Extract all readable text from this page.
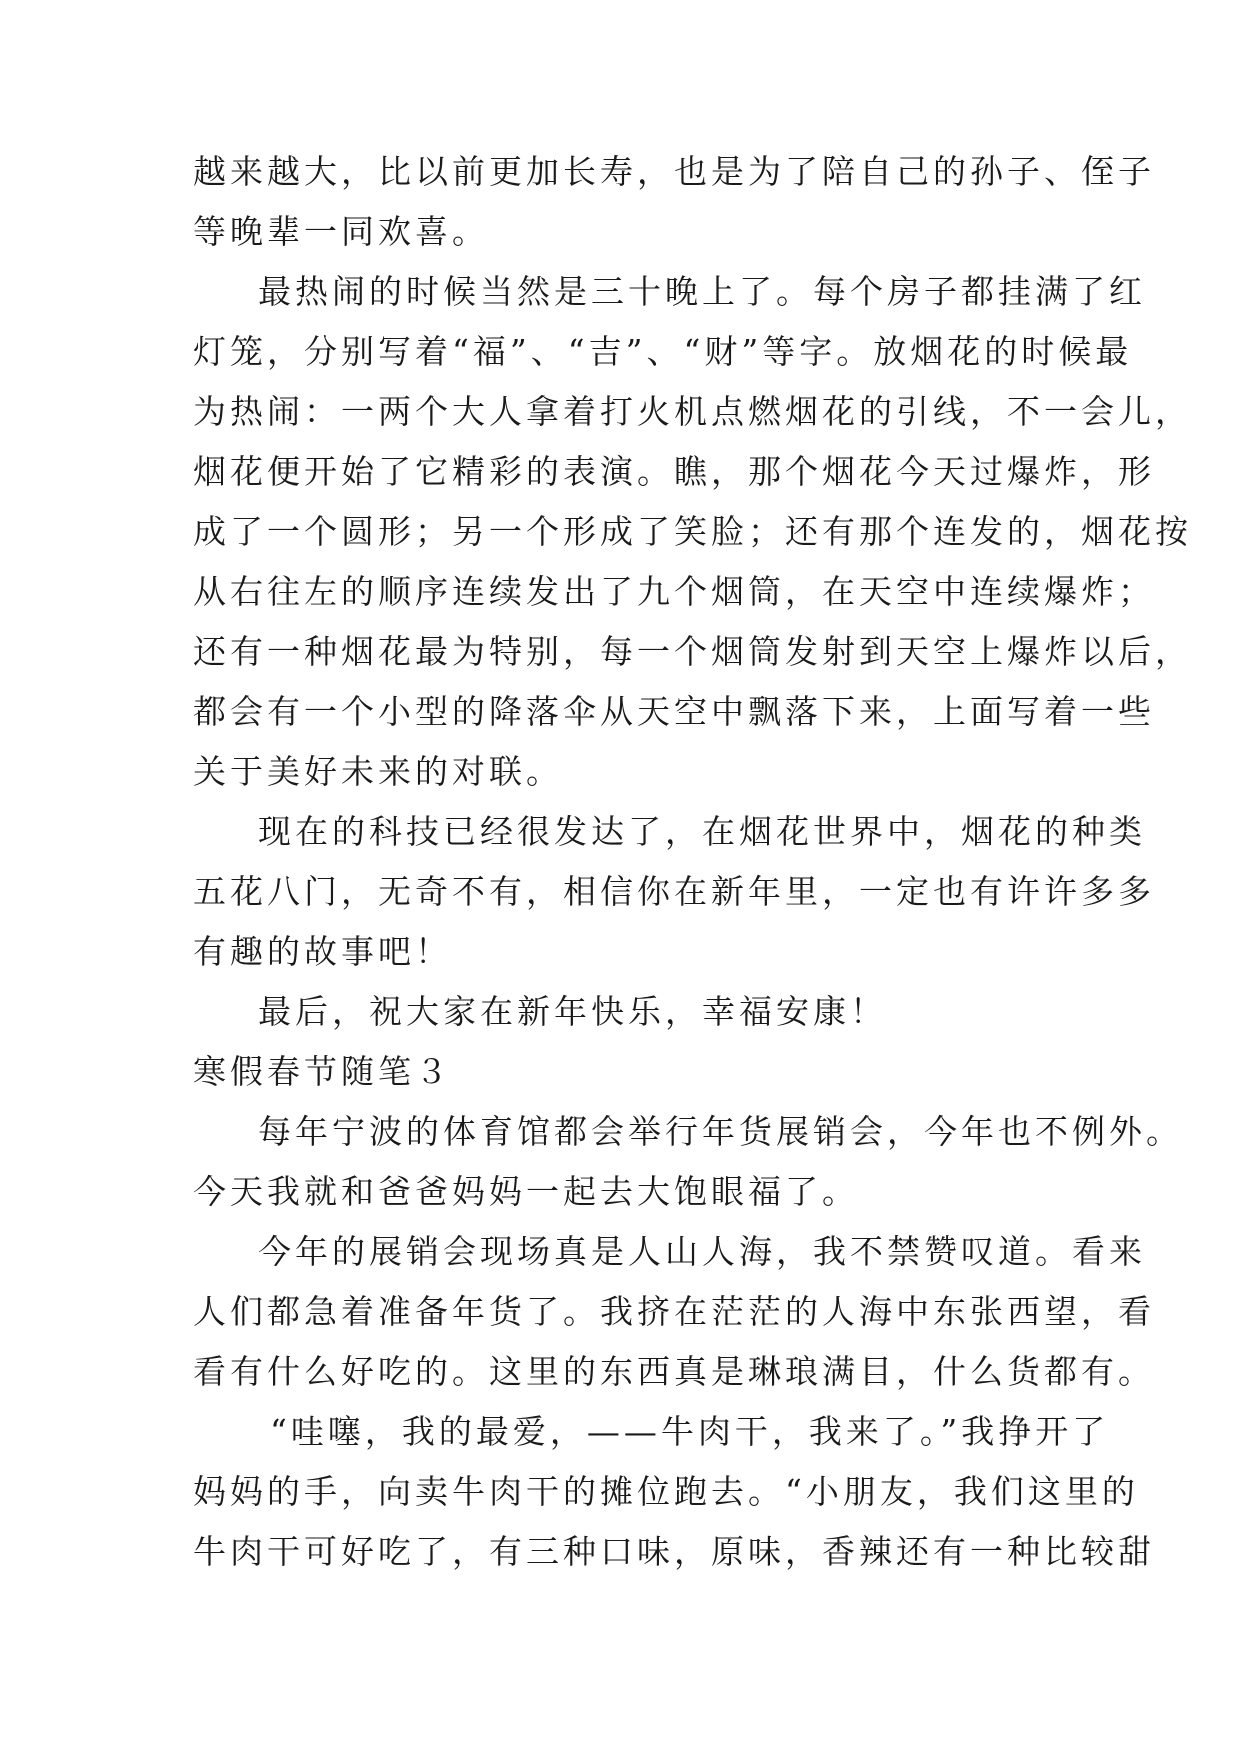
越来越大，比以前更加长寿，也是为了陪自己的孙子、侄子
等晚辈一同欢喜。
最热闹的时候当然是三十晚上了。每个房子都挂满了红
灯笼，分别写着“福”、“吉”、“财”等字。放烟花的时候最
为热闹：一两个大人拿着打火机点燃烟花的引线，不一会儿，
烟花便开始了它精彩的表演。瞧，那个烟花今天过爆炸，形
成了一个圆形；另一个形成了笑脸；还有那个连发的，烟花按
从右往左的顺序连续发出了九个烟筒，在天空中连续爆炸；
还有一种烟花最为特别，每一个烟筒发射到天空上爆炸以后，
都会有一个小型的降落伞从天空中飘落下来，上面写着一些
关于美好未来的对联。
现在的科技已经很发达了，在烟花世界中，烟花的种类
五花八门，无奇不有，相信你在新年里，一定也有许许多多
有趣的故事吧！
最后，祝大家在新年快乐，幸福安康！
寒假春节随笔３
每年宁波的体育馆都会举行年货展销会，今年也不例外。
今天我就和爸爸妈妈一起去大饱眼福了。
今年的展销会现场真是人山人海，我不禁赞叹道。看来
人们都急着准备年货了。我挤在茫茫的人海中东张西望，看
看有什么好吃的。这里的东西真是琳琅满目，什么货都有。
“哇噻，我的最爱，——牛肉干，我来了。”我挣开了
妈妈的手，向卖牛肉干的摊位跑去。“小朋友，我们这里的
牛肉干可好吃了，有三种口味，原味，香辣还有一种比较甜
